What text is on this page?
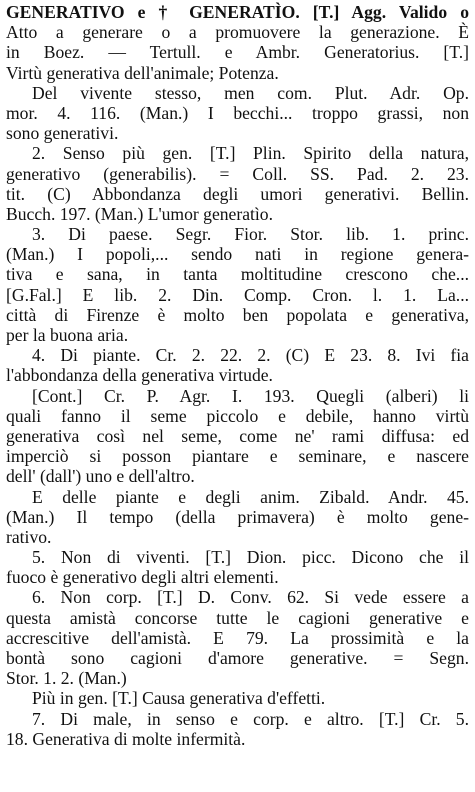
GENERATIVO e † GENERATÌO. [T.] Agg. Valido o
Atto a generare o a promuovere la generazione. È
in Boez. — Tertull. e Ambr. Generatorius. [T.]
Virtù generativa dell'animale; Potenza.
Del vivente stesso, men com. Plut. Adr. Op.
mor. 4. 116. (Man.) I becchi... troppo grassi, non
sono generativi.
2. Senso più gen. [T.] Plin. Spirito della natura,
generativo (generabilis). = Coll. SS. Pad. 2. 23.
tit. (C) Abbondanza degli umori generativi. Bellin.
Bucch. 197. (Man.) L'umor generatìo.
3. Di paese. Segr. Fior. Stor. lib. 1. princ.
(Man.) I popoli,... sendo nati in regione genera-
tiva e sana, in tanta moltitudine crescono che...
[G.Fal.] E lib. 2. Din. Comp. Cron. l. 1. La...
città di Firenze è molto ben popolata e generativa,
per la buona aria.
4. Di piante. Cr. 2. 22. 2. (C) E 23. 8. Ivi fia
l'abbondanza della generativa virtude.
[Cont.] Cr. P. Agr. I. 193. Quegli (alberi) li
quali fanno il seme piccolo e debile, hanno virtù
generativa così nel seme, come ne' rami diffusa: ed
imperciò si posson piantare e seminare, e nascere
dell' (dall') uno e dell'altro.
E delle piante e degli anim. Zibald. Andr. 45.
(Man.) Il tempo (della primavera) è molto gene-
rativo.
5. Non di viventi. [T.] Dion. picc. Dicono che il
fuoco è generativo degli altri elementi.
6. Non corp. [T.] D. Conv. 62. Si vede essere a
questa amistà concorse tutte le cagioni generative e
accrescitive dell'amistà. E 79. La prossimità e la
bontà sono cagioni d'amore generative. = Segn.
Stor. 1. 2. (Man.)
Più in gen. [T.] Causa generativa d'effetti.
7. Di male, in senso e corp. e altro. [T.] Cr. 5.
18. Generativa di molte infermità.
